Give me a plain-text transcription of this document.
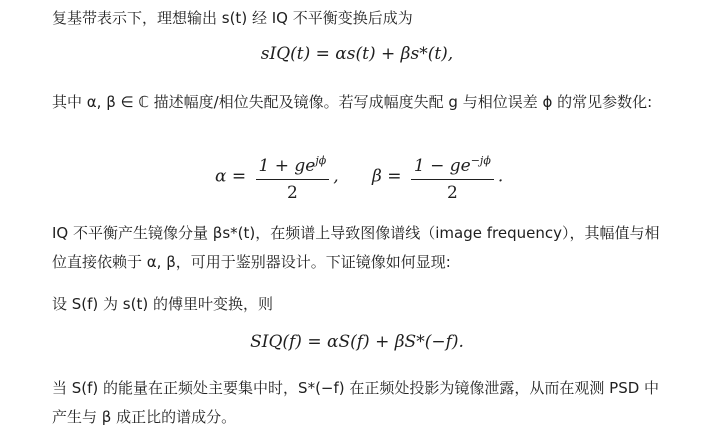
复基带表示下，理想输出 s(t) 经 IQ 不平衡变换后成为

sIQ(t) = αs(t) + βs*(t),

其中 α, β ∈ ℂ 描述幅度/相位失配及镜像。若写成幅度失配 g 与相位误差 ϕ 的常见参数化:

$\alpha = \frac{1 + ge^{j\phi}}{2}$ , $\beta = \frac{1 - ge^{-j\phi}}{2}$ .

IQ 不平衡产生镜像分量 βs*(t)，在频谱上导致图像谱线（image frequency），其幅值与相位直接依赖于 α, β，可用于鉴别器设计。下证镜像如何显现:

设 S(f) 为 s(t) 的傅里叶变换，则

SIQ(f) = αS(f) + βS*(−f).

当 S(f) 的能量在正频处主要集中时，S*(−f) 在正频处投影为镜像泄露，从而在观测 PSD 中产生与 β 成正比的谱成分。
